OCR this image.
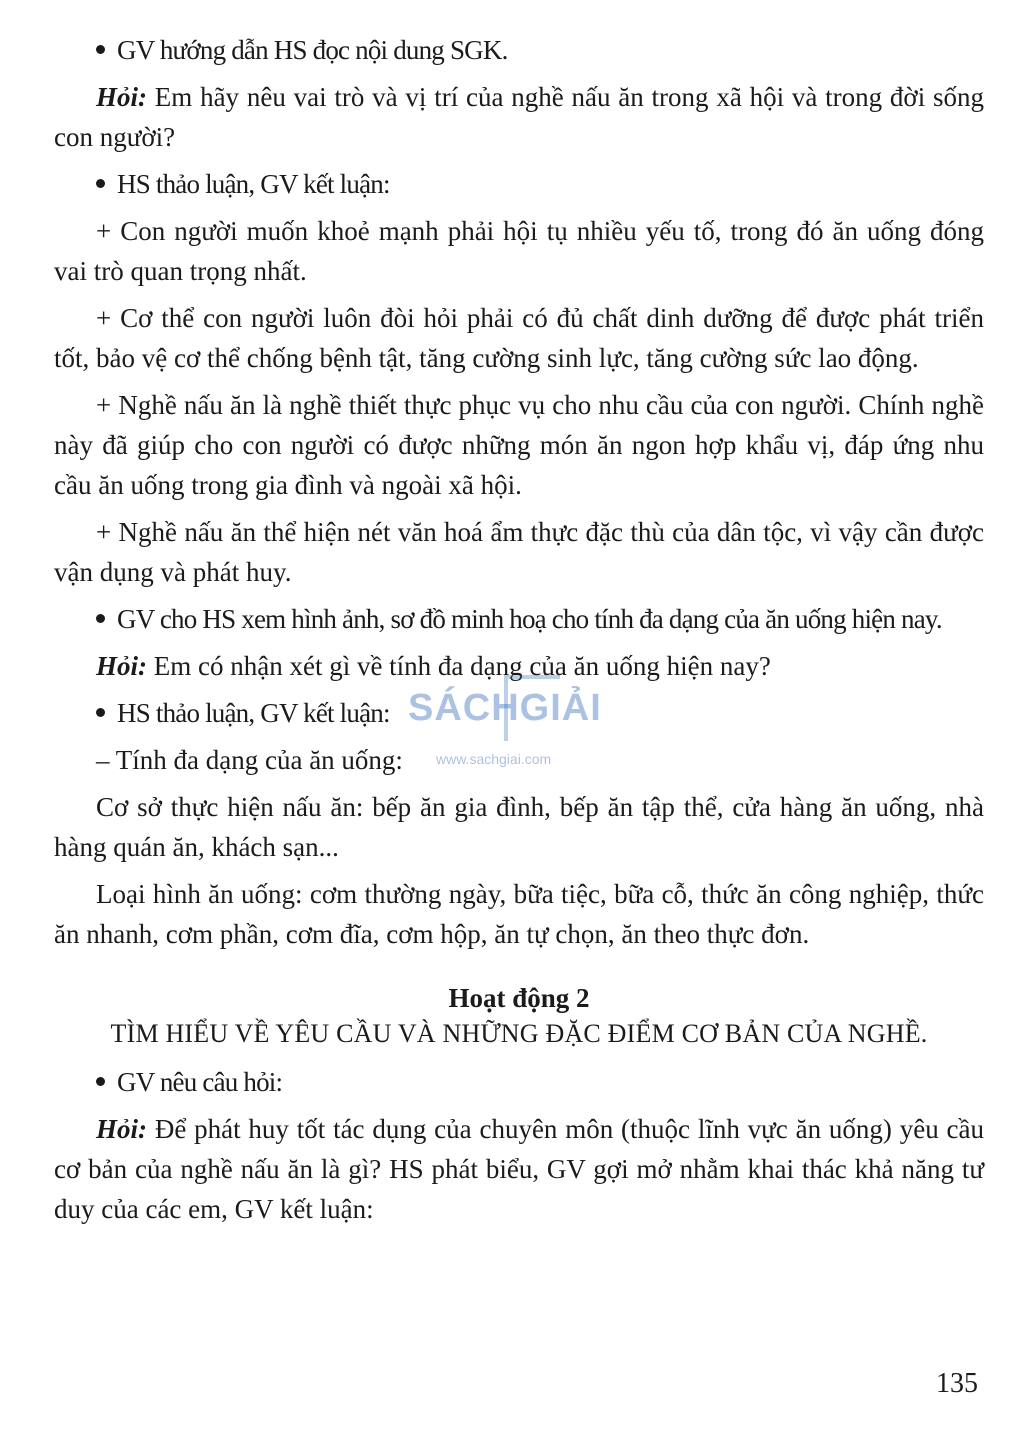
GV hướng dẫn HS đọc nội dung SGK.

Hỏi: Em hãy nêu vai trò và vị trí của nghề nấu ăn trong xã hội và trong đời sống con người?

HS thảo luận, GV kết luận:

+ Con người muốn khoẻ mạnh phải hội tụ nhiều yếu tố, trong đó ăn uống đóng vai trò quan trọng nhất.

+ Cơ thể con người luôn đòi hỏi phải có đủ chất dinh dưỡng để được phát triển tốt, bảo vệ cơ thể chống bệnh tật, tăng cường sinh lực, tăng cường sức lao động.

+ Nghề nấu ăn là nghề thiết thực phục vụ cho nhu cầu của con người. Chính nghề này đã giúp cho con người có được những món ăn ngon hợp khẩu vị, đáp ứng nhu cầu ăn uống trong gia đình và ngoài xã hội.

+ Nghề nấu ăn thể hiện nét văn hoá ẩm thực đặc thù của dân tộc, vì vậy cần được vận dụng và phát huy.

GV cho HS xem hình ảnh, sơ đồ minh hoạ cho tính đa dạng của ăn uống hiện nay.

Hỏi: Em có nhận xét gì về tính đa dạng của ăn uống hiện nay?

HS thảo luận, GV kết luận:

– Tính đa dạng của ăn uống:

Cơ sở thực hiện nấu ăn: bếp ăn gia đình, bếp ăn tập thể, cửa hàng ăn uống, nhà hàng quán ăn, khách sạn...

Loại hình ăn uống: cơm thường ngày, bữa tiệc, bữa cỗ, thức ăn công nghiệp, thức ăn nhanh, cơm phần, cơm đĩa, cơm hộp, ăn tự chọn, ăn theo thực đơn.

Hoạt động 2
TÌM HIỂU VỀ YÊU CẦU VÀ NHỮNG ĐẶC ĐIỂM CƠ BẢN CỦA NGHỀ.

GV nêu câu hỏi:

Hỏi: Để phát huy tốt tác dụng của chuyên môn (thuộc lĩnh vực ăn uống) yêu cầu cơ bản của nghề nấu ăn là gì? HS phát biểu, GV gợi mở nhằm khai thác khả năng tư duy của các em, GV kết luận:

SÁCHGIẢI
www.sachgiai.com
135
